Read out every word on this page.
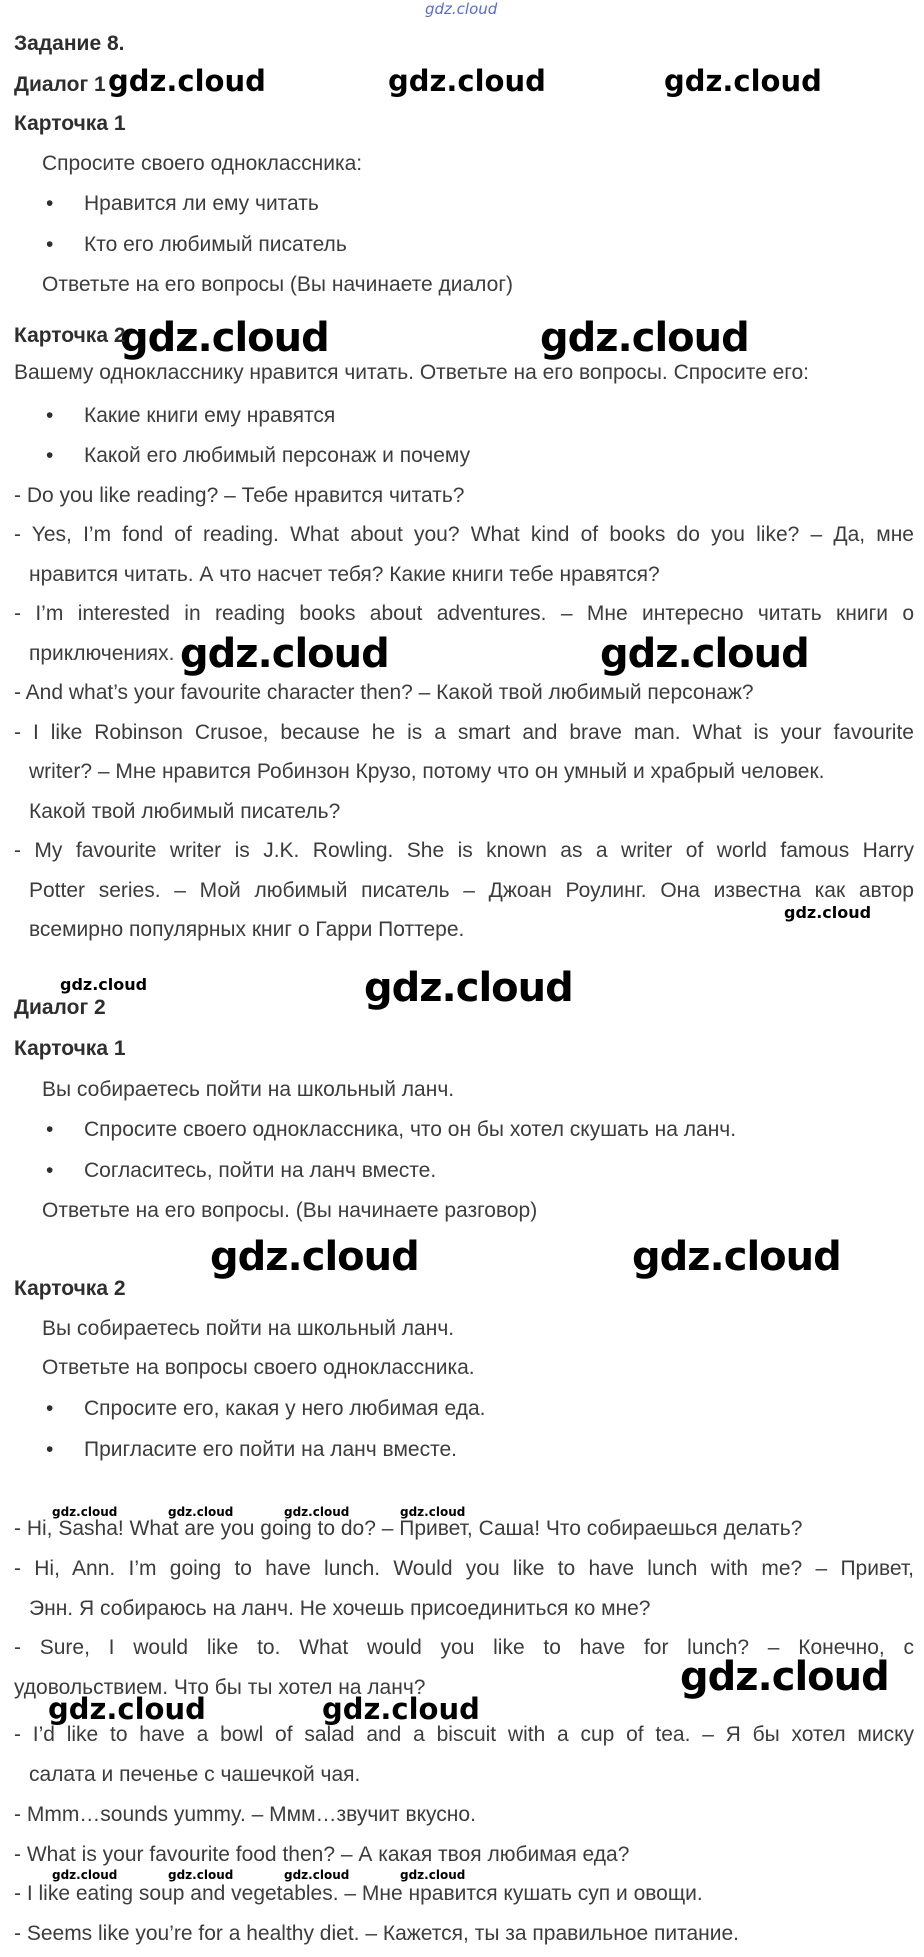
gdz.cloud
gdz.cloud	gdz.cloud	gdz.cloud
gdz.cloud	gdz.cloud
gdz.cloud	gdz.cloud
gdz.cloud
gdz.cloud	gdz.cloud
gdz.cloud	gdz.cloud
gdz.cloud	gdz.cloud	gdz.cloud	gdz.cloud
gdz.cloud
gdz.cloud	gdz.cloud
gdz.cloud	gdz.cloud	gdz.cloud	gdz.cloud
Задание 8.
Диалог 1
Карточка 1
Спросите своего одноклассника:
• Нравится ли ему читать
• Кто его любимый писатель
Ответьте на его вопросы (Вы начинаете диалог)
Карточка 2
Вашему однокласснику нравится читать. Ответьте на его вопросы. Спросите его:
• Какие книги ему нравятся
• Какой его любимый персонаж и почему
- Do you like reading? – Тебе нравится читать?
- Yes, I’m fond of reading. What about you? What kind of books do you like? – Да, мне
нравится читать. А что насчет тебя? Какие книги тебе нравятся?
- I’m interested in reading books about adventures. – Мне интересно читать книги о
приключениях.
- And what’s your favourite character then? – Какой твой любимый персонаж?
- I like Robinson Crusoe, because he is a smart and brave man. What is your favourite
writer? – Мне нравится Робинзон Крузо, потому что он умный и храбрый человек.
Какой твой любимый писатель?
- My favourite writer is J.K. Rowling. She is known as a writer of world famous Harry
Potter series. – Мой любимый писатель – Джоан Роулинг. Она известна как автор
всемирно популярных книг о Гарри Поттере.
Диалог 2
Карточка 1
Вы собираетесь пойти на школьный ланч.
• Спросите своего одноклассника, что он бы хотел скушать на ланч.
• Согласитесь, пойти на ланч вместе.
Ответьте на его вопросы. (Вы начинаете разговор)
Карточка 2
Вы собираетесь пойти на школьный ланч.
Ответьте на вопросы своего одноклассника.
• Спросите его, какая у него любимая еда.
• Пригласите его пойти на ланч вместе.
- Hi, Sasha! What are you going to do? – Привет, Саша! Что собираешься делать?
- Hi, Ann. I’m going to have lunch. Would you like to have lunch with me? – Привет,
Энн. Я собираюсь на ланч. Не хочешь присоединиться ко мне?
- Sure, I would like to. What would you like to have for lunch? – Конечно, с
удовольствием. Что бы ты хотел на ланч?
- I’d like to have a bowl of salad and a biscuit with a cup of tea. – Я бы хотел миску
салата и печенье с чашечкой чая.
- Mmm…sounds yummy. – Ммм…звучит вкусно.
- What is your favourite food then? – А какая твоя любимая еда?
- I like eating soup and vegetables. – Мне нравится кушать суп и овощи.
- Seems like you’re for a healthy diet. – Кажется, ты за правильное питание.
